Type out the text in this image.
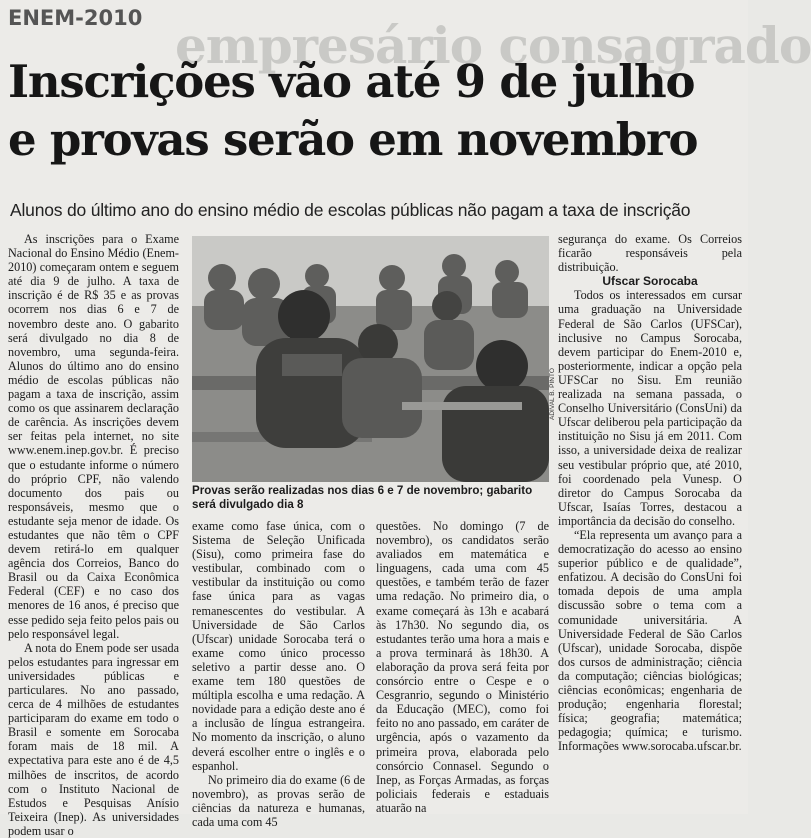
empresário consagrado
ENEM-2010
Inscrições vão até 9 de julho
e provas serão em novembro
Alunos do último ano do ensino médio de escolas públicas não pagam a taxa de inscrição

As inscrições para o Exame Nacional do Ensino Médio (Enem-2010) começaram ontem e seguem até dia 9 de julho. A taxa de inscrição é de R$ 35 e as provas ocorrem nos dias 6 e 7 de novembro deste ano. O gabarito será divulgado no dia 8 de novembro, uma segunda-feira. Alunos do último ano do ensino médio de escolas públicas não pagam a taxa de inscrição, assim como os que assinarem declaração de carência. As inscrições devem ser feitas pela internet, no site www.enem.inep.gov.br. É preciso que o estudante informe o número do próprio CPF, não valendo documento dos pais ou responsáveis, mesmo que o estudante seja menor de idade. Os estudantes que não têm o CPF devem retirá-lo em qualquer agência dos Correios, Banco do Brasil ou da Caixa Econômica Federal (CEF) e no caso dos menores de 16 anos, é preciso que esse pedido seja feito pelos pais ou pelo responsável legal.

A nota do Enem pode ser usada pelos estudantes para ingressar em universidades públicas e particulares. No ano passado, cerca de 4 milhões de estudantes participaram do exame em todo o Brasil e somente em Sorocaba foram mais de 18 mil. A expectativa para este ano é de 4,5 milhões de inscritos, de acordo com o Instituto Nacional de Estudos e Pesquisas Anísio Teixeira (Inep). As universidades podem usar o

ADIVAL B. PINTO
Provas serão realizadas nos dias 6 e 7 de novembro; gabarito será divulgado dia 8

exame como fase única, com o Sistema de Seleção Unificada (Sisu), como primeira fase do vestibular, combinado com o vestibular da instituição ou como fase única para as vagas remanescentes do vestibular. A Universidade de São Carlos (Ufscar) unidade Sorocaba terá o exame como único processo seletivo a partir desse ano. O exame tem 180 questões de múltipla escolha e uma redação. A novidade para a edição deste ano é a inclusão de língua estrangeira. No momento da inscrição, o aluno deverá escolher entre o inglês e o espanhol.

No primeiro dia do exame (6 de novembro), as provas serão de ciências da natureza e humanas, cada uma com 45

questões. No domingo (7 de novembro), os candidatos serão avaliados em matemática e linguagens, cada uma com 45 questões, e também terão de fazer uma redação. No primeiro dia, o exame começará às 13h e acabará às 17h30. No segundo dia, os estudantes terão uma hora a mais e a prova terminará às 18h30. A elaboração da prova será feita por consórcio entre o Cespe e o Cesgranrio, segundo o Ministério da Educação (MEC), como foi feito no ano passado, em caráter de urgência, após o vazamento da primeira prova, elaborada pelo consórcio Connasel. Segundo o Inep, as Forças Armadas, as forças policiais federais e estaduais atuarão na

segurança do exame. Os Correios ficarão responsáveis pela distribuição.

Ufscar Sorocaba

Todos os interessados em cursar uma graduação na Universidade Federal de São Carlos (UFSCar), inclusive no Campus Sorocaba, devem participar do Enem-2010 e, posteriormente, indicar a opção pela UFSCar no Sisu. Em reunião realizada na semana passada, o Conselho Universitário (ConsUni) da Ufscar deliberou pela participação da instituição no Sisu já em 2011. Com isso, a universidade deixa de realizar seu vestibular próprio que, até 2010, foi coordenado pela Vunesp. O diretor do Campus Sorocaba da Ufscar, Isaías Torres, destacou a importância da decisão do conselho.

“Ela representa um avanço para a democratização do acesso ao ensino superior público e de qualidade”, enfatizou. A decisão do ConsUni foi tomada depois de uma ampla discussão sobre o tema com a comunidade universitária. A Universidade Federal de São Carlos (Ufscar), unidade Sorocaba, dispõe dos cursos de administração; ciência da computação; ciências biológicas; ciências econômicas; engenharia de produção; engenharia florestal; física; geografia; matemática; pedagogia; química; e turismo. Informações www.sorocaba.ufscar.br.
